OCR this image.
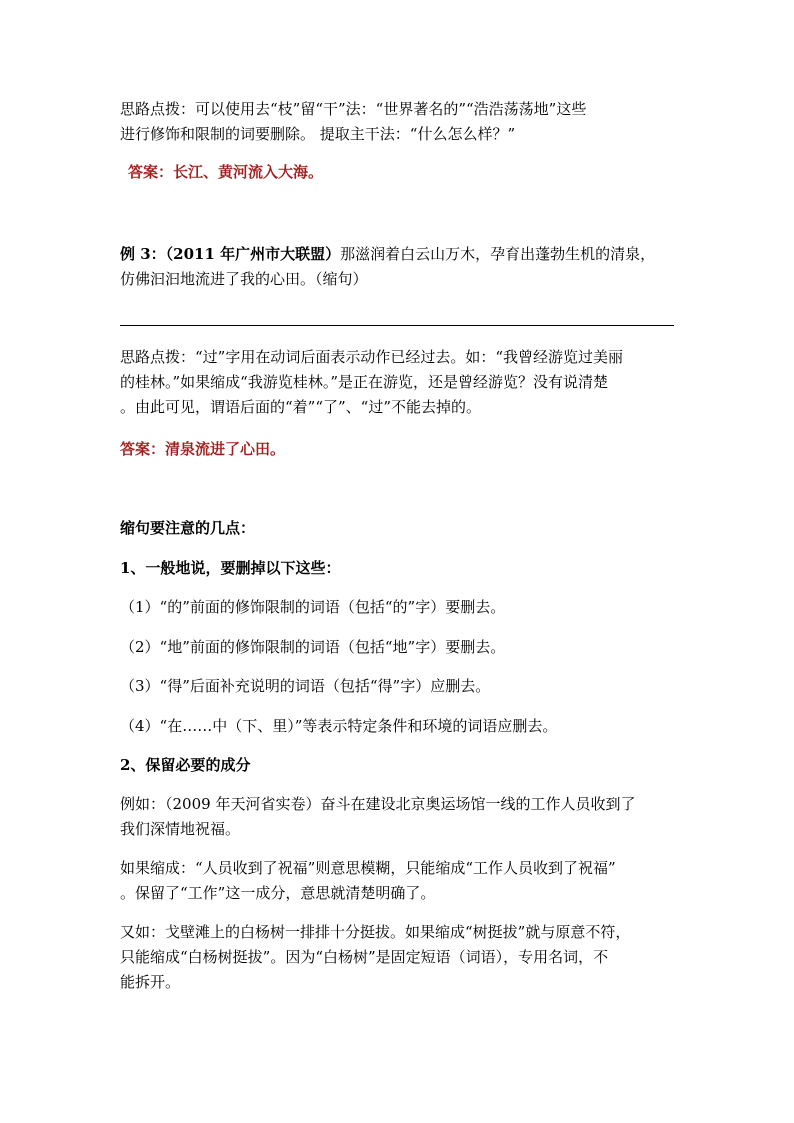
思路点拨：可以使用去“枝”留“干”法：“世界著名的”“浩浩荡荡地”这些
进行修饰和限制的词要删除。 提取主干法：“什么怎么样？”
答案：长江、黄河流入大海。
例 3：（2011 年广州市大联盟）那滋润着白云山万木，孕育出蓬勃生机的清泉，
仿佛汩汩地流进了我的心田。（缩句）
思路点拨：“过”字用在动词后面表示动作已经过去。如：“我曾经游览过美丽
的桂林。”如果缩成“我游览桂林。”是正在游览，还是曾经游览？没有说清楚
。由此可见，谓语后面的“着”“了”、“过”不能去掉的。
答案：清泉流进了心田。
缩句要注意的几点：
1、一般地说，要删掉以下这些：
（1）“的”前面的修饰限制的词语（包括“的”字）要删去。
（2）“地”前面的修饰限制的词语（包括“地”字）要删去。
（3）“得”后面补充说明的词语（包括“得”字）应删去。
（4）“在……中（下、里）”等表示特定条件和环境的词语应删去。
2、保留必要的成分
例如：（2009 年天河省实卷）奋斗在建设北京奥运场馆一线的工作人员收到了
我们深情地祝福。
如果缩成：“人员收到了祝福”则意思模糊，只能缩成“工作人员收到了祝福”
。保留了“工作”这一成分，意思就清楚明确了。
又如：戈壁滩上的白杨树一排排十分挺拔。如果缩成“树挺拔”就与原意不符，
只能缩成“白杨树挺拔”。因为“白杨树”是固定短语（词语），专用名词，不
能拆开。
